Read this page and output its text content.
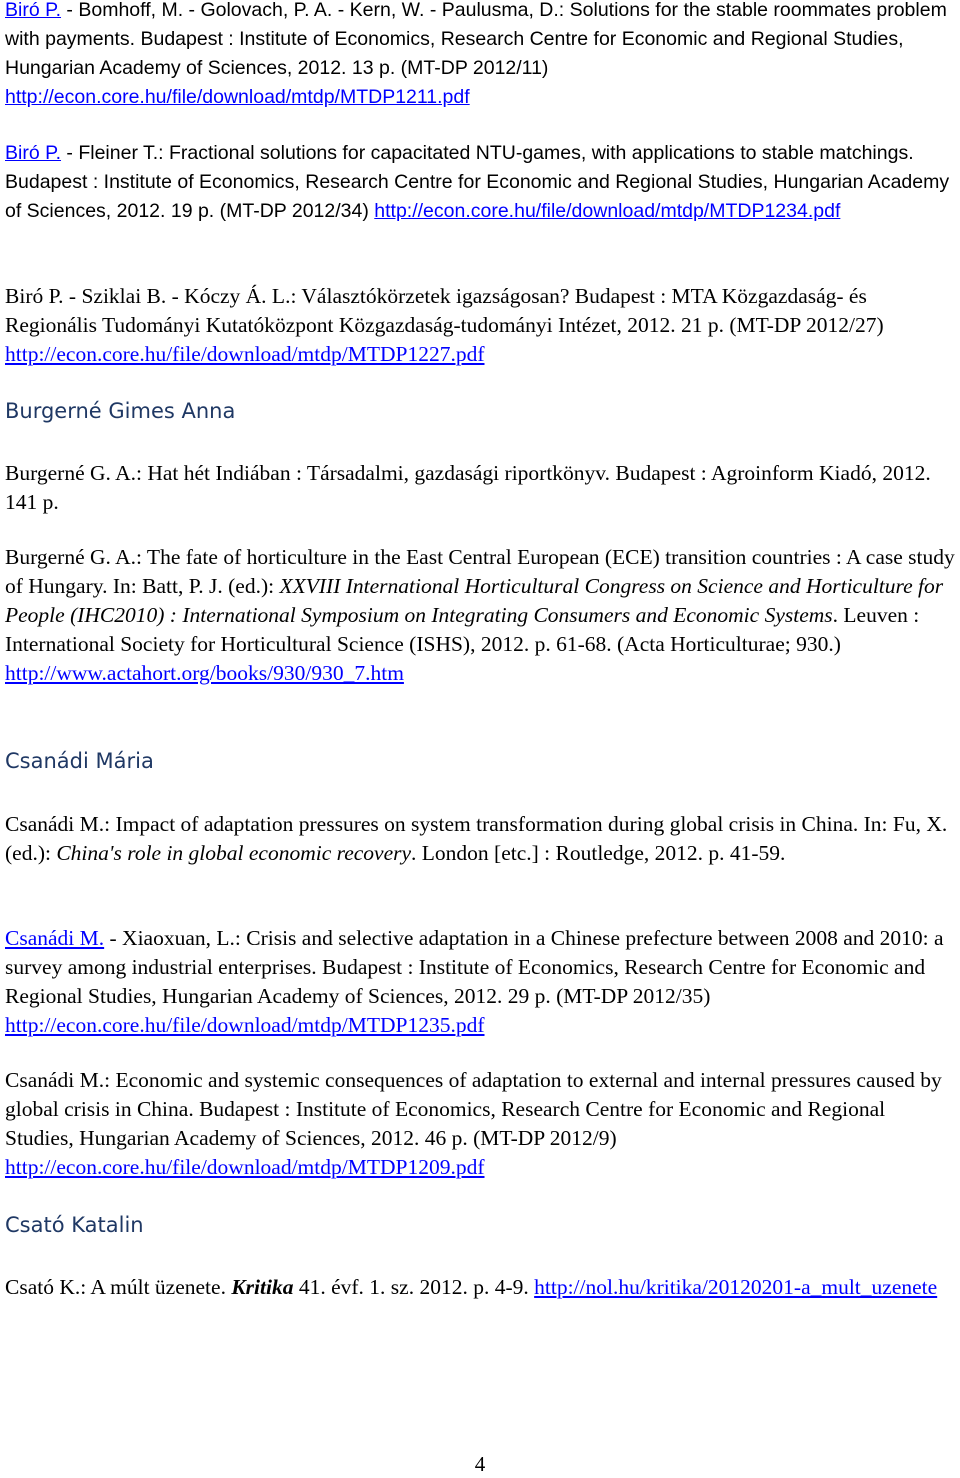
Biró P. - Bomhoff, M. - Golovach, P. A. - Kern, W. - Paulusma, D.: Solutions for the stable roommates problem with payments. Budapest : Institute of Economics, Research Centre for Economic and Regional Studies, Hungarian Academy of Sciences, 2012. 13 p. (MT-DP 2012/11) http://econ.core.hu/file/download/mtdp/MTDP1211.pdf

Biró P. - Fleiner T.: Fractional solutions for capacitated NTU-games, with applications to stable matchings. Budapest : Institute of Economics, Research Centre for Economic and Regional Studies, Hungarian Academy of Sciences, 2012. 19 p. (MT-DP 2012/34) http://econ.core.hu/file/download/mtdp/MTDP1234.pdf

Biró P. - Sziklai B. - Kóczy Á. L.: Választókörzetek igazságosan? Budapest : MTA Közgazdaság- és Regionális Tudományi Kutatóközpont Közgazdaság-tudományi Intézet, 2012. 21 p. (MT-DP 2012/27) http://econ.core.hu/file/download/mtdp/MTDP1227.pdf

Burgerné Gimes Anna

Burgerné G. A.: Hat hét Indiában : Társadalmi, gazdasági riportkönyv. Budapest : Agroinform Kiadó, 2012. 141 p.

Burgerné G. A.: The fate of horticulture in the East Central European (ECE) transition countries : A case study of Hungary. In: Batt, P. J. (ed.): XXVIII International Horticultural Congress on Science and Horticulture for People (IHC2010) : International Symposium on Integrating Consumers and Economic Systems. Leuven : International Society for Horticultural Science (ISHS), 2012. p. 61-68. (Acta Horticulturae; 930.) http://www.actahort.org/books/930/930_7.htm

Csanádi Mária

Csanádi M.: Impact of adaptation pressures on system transformation during global crisis in China. In: Fu, X. (ed.): China's role in global economic recovery. London [etc.] : Routledge, 2012. p. 41-59.

Csanádi M. - Xiaoxuan, L.: Crisis and selective adaptation in a Chinese prefecture between 2008 and 2010: a survey among industrial enterprises. Budapest : Institute of Economics, Research Centre for Economic and Regional Studies, Hungarian Academy of Sciences, 2012. 29 p. (MT-DP 2012/35) http://econ.core.hu/file/download/mtdp/MTDP1235.pdf

Csanádi M.: Economic and systemic consequences of adaptation to external and internal pressures caused by global crisis in China. Budapest : Institute of Economics, Research Centre for Economic and Regional Studies, Hungarian Academy of Sciences, 2012. 46 p. (MT-DP 2012/9) http://econ.core.hu/file/download/mtdp/MTDP1209.pdf

Csató Katalin

Csató K.: A múlt üzenete. Kritika 41. évf. 1. sz. 2012. p. 4-9. http://nol.hu/kritika/20120201-a_mult_uzenete

4
